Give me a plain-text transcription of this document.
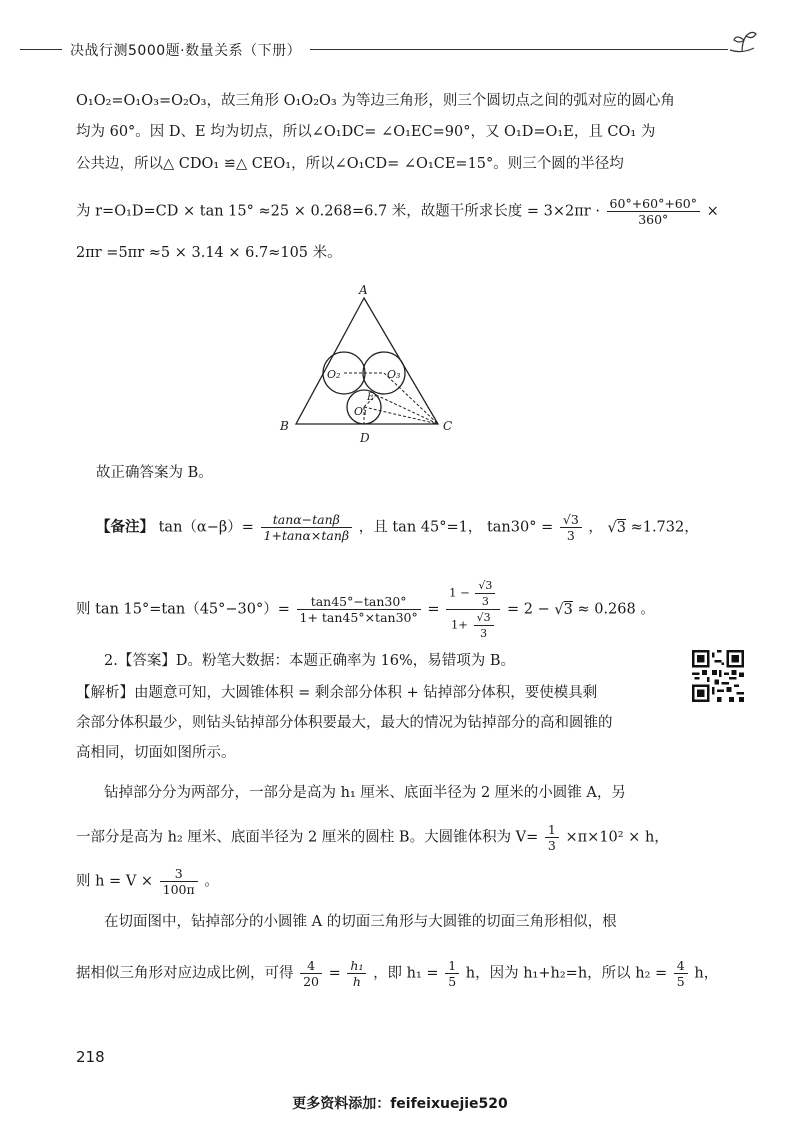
决战行测5000题·数量关系（下册）
O₁O₂=O₁O₃=O₂O₃，故三角形 O₁O₂O₃ 为等边三角形，则三个圆切点之间的弧对应的圆心角
均为 60°。因 D、E 均为切点，所以∠O₁DC= ∠O₁EC=90°，又 O₁D=O₁E，且 CO₁ 为
公共边，所以△ CDO₁ ≌△ CEO₁，所以∠O₁CD= ∠O₁CE=15°。则三个圆的半径均
为 r=O₁D=CD × tan 15° ≈25 × 0.268=6.7 米，故题干所求长度 = $3\times 2\pi r \cdot \frac{60^\circ+60^\circ+60^\circ}{360^\circ}$ ×
2πr =5πr ≈5 × 3.14 × 6.7≈105 米。
A
B	C
D
E
O₁
O₂	O₃
故正确答案为 B。
【备注】 $\tan(\alpha-\beta)= \frac{\tan\alpha-\tan\beta}{1+\tan\alpha\times\tan\beta}$ ，且 tan 45°=1， $\tan 30^\circ = \frac{√3}{3}$ ， √3 ≈1.732，
则 $\tan 15^\circ=\tan(45^\circ-30^\circ)= \frac{\tan 45^\circ-\tan 30^\circ}{1+ \tan 45^\circ\times\tan 30^\circ} = \frac{1 - \frac{√3}{3}}{1+ \frac{√3}{3}} = 2 - √3 \approx 0.268$ 。
2.【答案】D。粉笔大数据：本题正确率为 16%，易错项为 B。
【解析】由题意可知，大圆锥体积 = 剩余部分体积 + 钻掉部分体积，要使模具剩
余部分体积最少，则钻头钻掉部分体积要最大，最大的情况为钻掉部分的高和圆锥的
高相同，切面如图所示。
钻掉部分分为两部分，一部分是高为 h₁ 厘米、底面半径为 2 厘米的小圆锥 A，另
一部分是高为 h₂ 厘米、底面半径为 2 厘米的圆柱 B。大圆锥体积为 $V= \frac{1}{3} \times\pi\times 10^2 \times h$，
则 $h = V \times \frac{3}{100\pi}$ 。
在切面图中，钻掉部分的小圆锥 A 的切面三角形与大圆锥的切面三角形相似，根
据相似三角形对应边成比例，可得 $\frac{4}{20} = \frac{\text{h₁}}{h}$ ，即 $h_1 = \frac{1}{5}$ h，因为 h₁+h₂=h，所以 $h_2 = \frac{4}{5}$ h，
218
更多资料添加：feifeixuejie520
